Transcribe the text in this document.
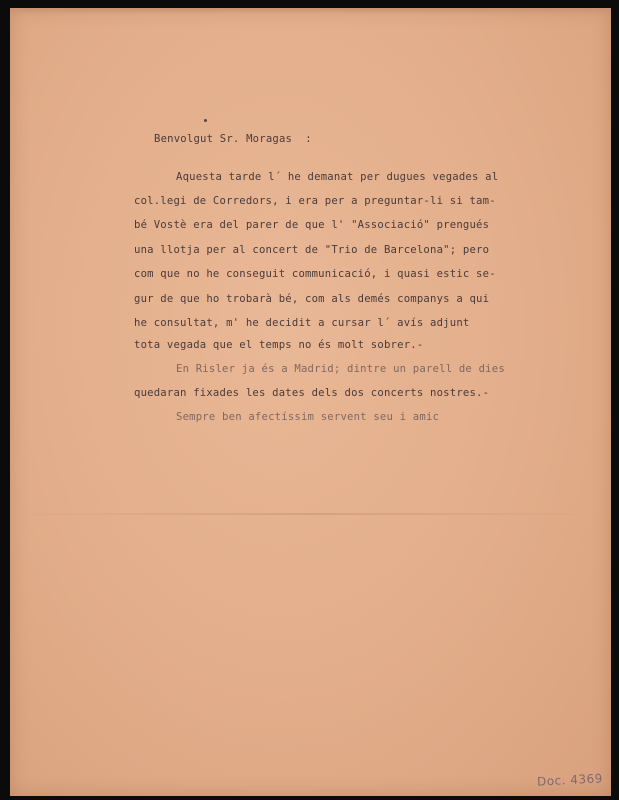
Benvolgut Sr. Moragas  :

Aquesta tarde l´ he demanat per dugues vegades al

col.legi de Corredors, i era per a preguntar-li si tam-

bé Vostè era del parer de que l' "Associació" prengués

una llotja per al concert de "Trio de Barcelona"; pero

com que no he conseguit communicació, i quasi estic se-

gur de que ho trobarà bé, com als demés companys a qui

he consultat, m' he decidit a cursar l´ avís adjunt

tota vegada que el temps no és molt sobrer.-

En Risler ja és a Madrid; dintre un parell de dies

quedaran fixades les dates dels dos concerts nostres.-

Sempre ben afectíssim servent seu i amic

Doc. 4369
